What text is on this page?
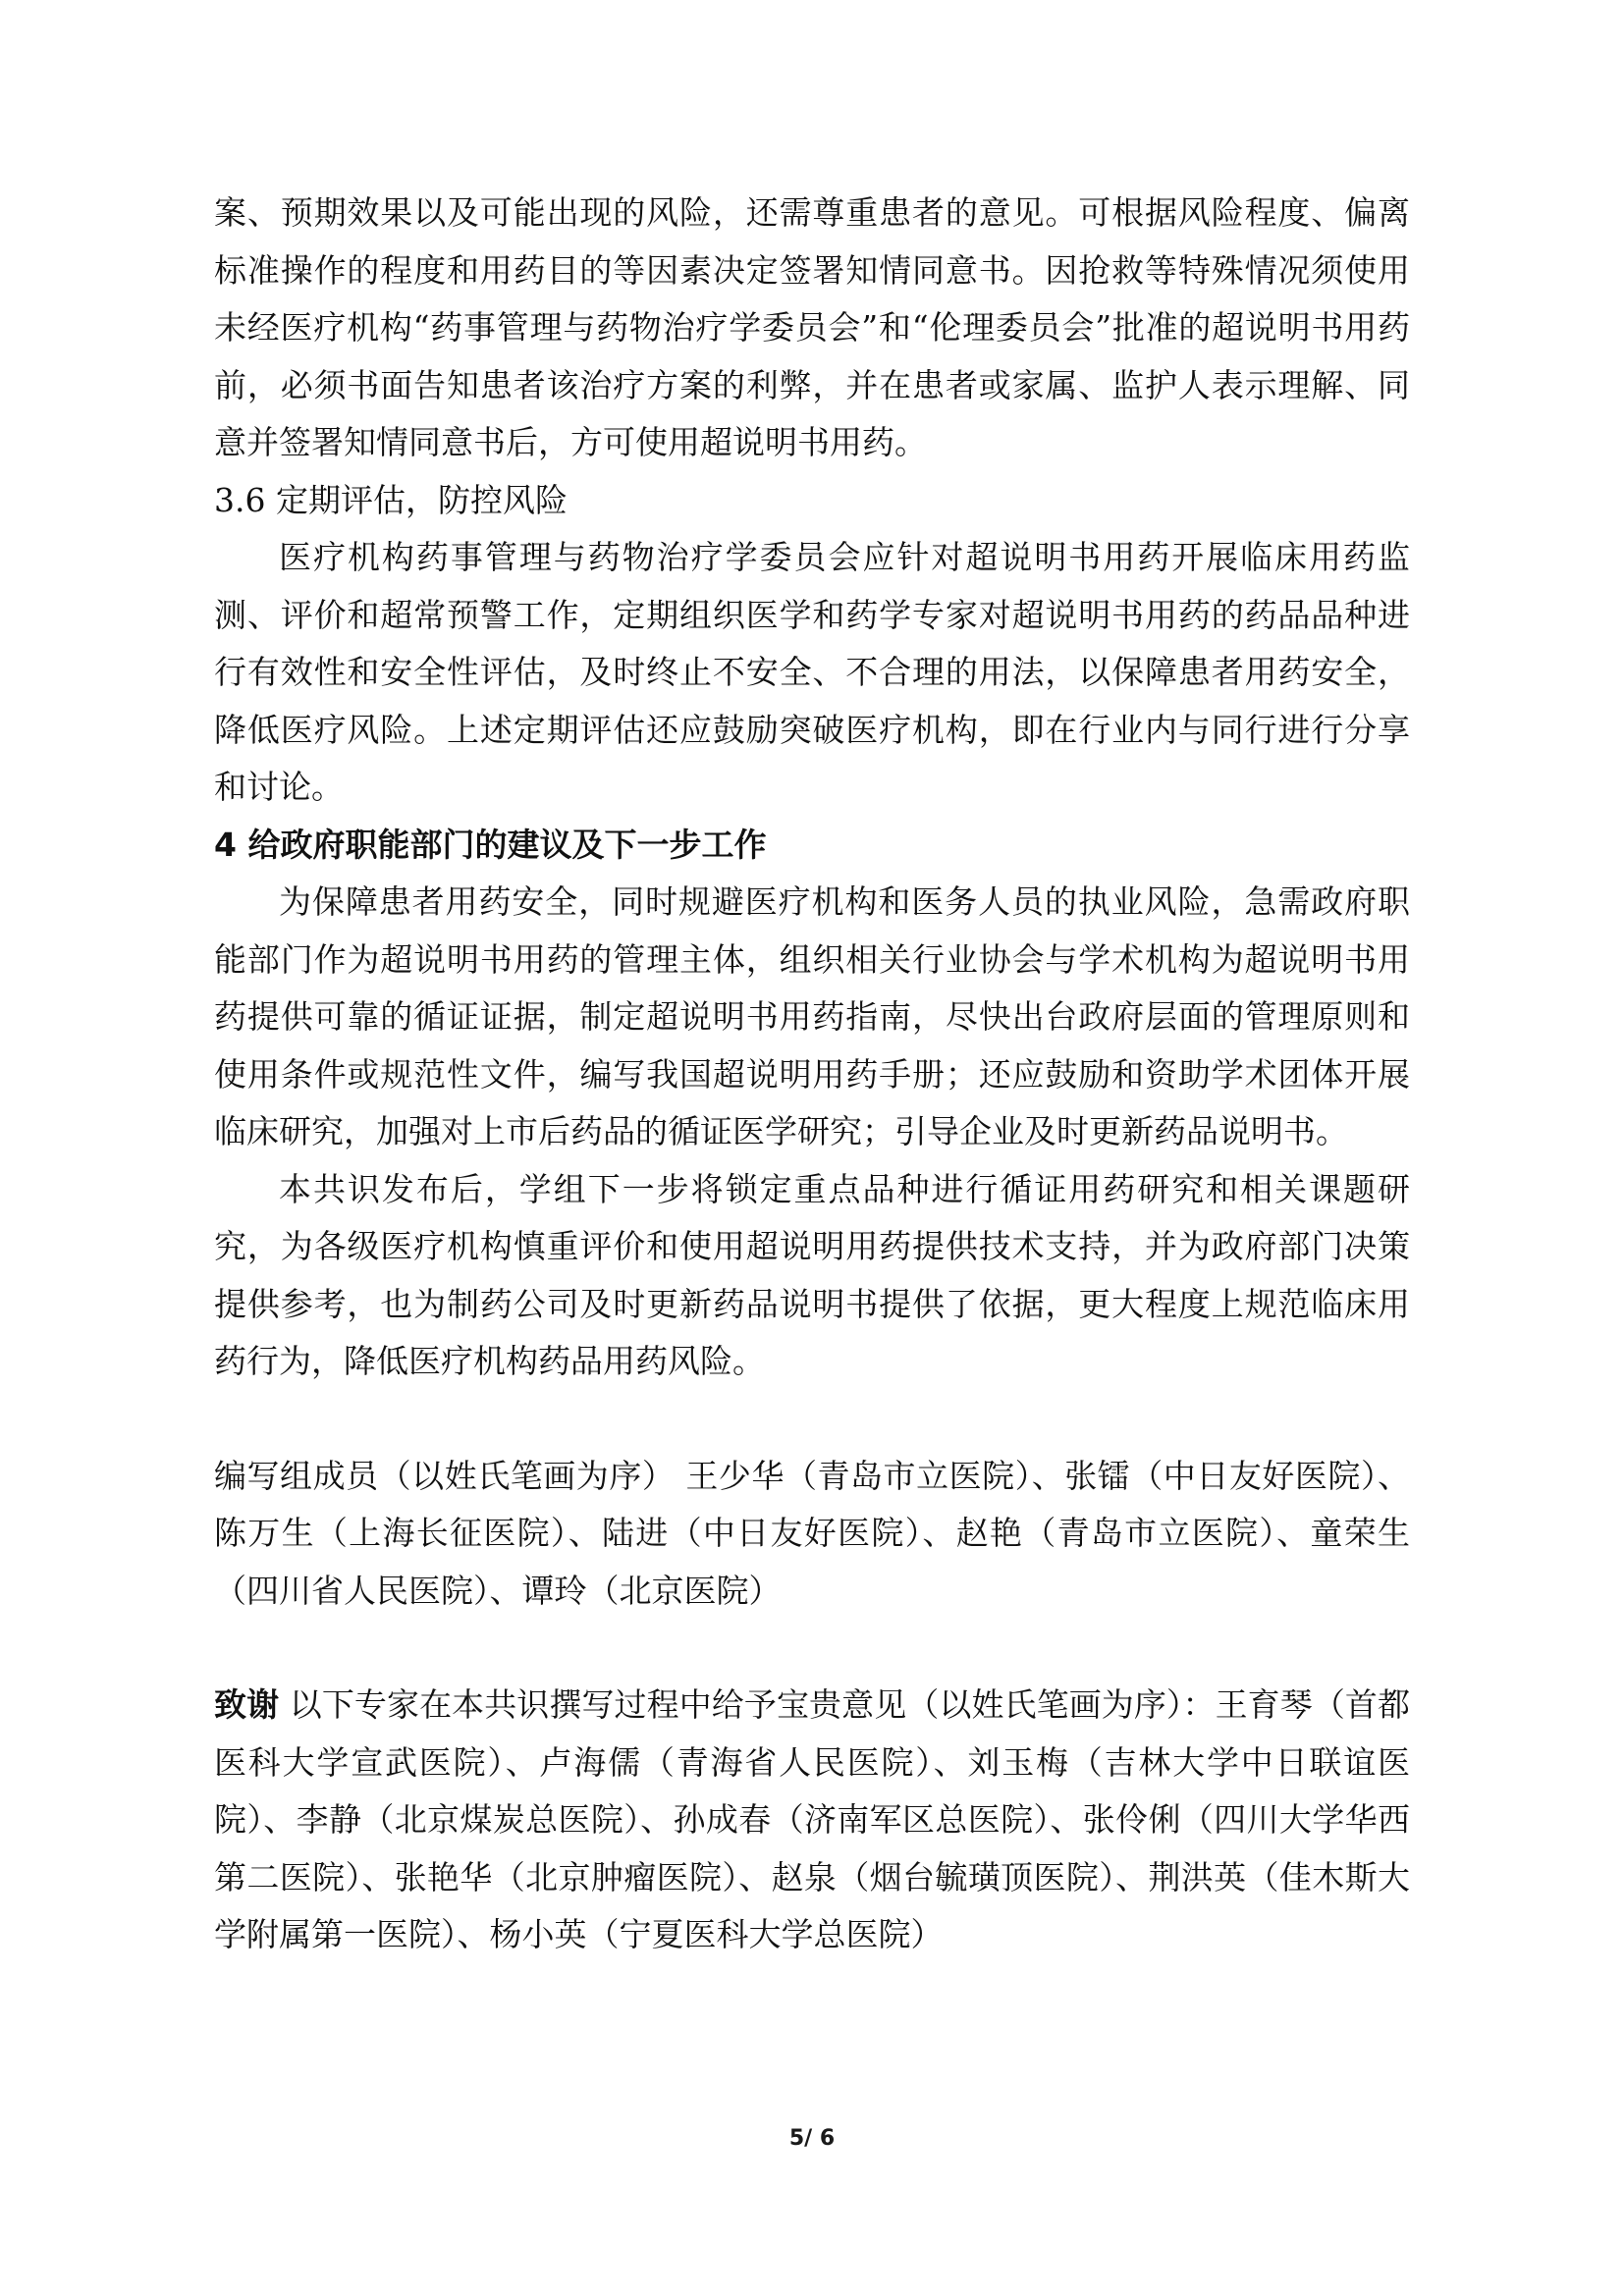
案、预期效果以及可能出现的风险，还需尊重患者的意见。可根据风险程度、偏离标准操作的程度和用药目的等因素决定签署知情同意书。因抢救等特殊情况须使用未经医疗机构“药事管理与药物治疗学委员会”和“伦理委员会”批准的超说明书用药前，必须书面告知患者该治疗方案的利弊，并在患者或家属、监护人表示理解、同意并签署知情同意书后，方可使用超说明书用药。

3.6 定期评估，防控风险

医疗机构药事管理与药物治疗学委员会应针对超说明书用药开展临床用药监测、评价和超常预警工作，定期组织医学和药学专家对超说明书用药的药品品种进行有效性和安全性评估，及时终止不安全、不合理的用法，以保障患者用药安全，降低医疗风险。上述定期评估还应鼓励突破医疗机构，即在行业内与同行进行分享和讨论。

4 给政府职能部门的建议及下一步工作

为保障患者用药安全，同时规避医疗机构和医务人员的执业风险，急需政府职能部门作为超说明书用药的管理主体，组织相关行业协会与学术机构为超说明书用药提供可靠的循证证据，制定超说明书用药指南，尽快出台政府层面的管理原则和使用条件或规范性文件，编写我国超说明用药手册；还应鼓励和资助学术团体开展临床研究，加强对上市后药品的循证医学研究；引导企业及时更新药品说明书。

本共识发布后，学组下一步将锁定重点品种进行循证用药研究和相关课题研究，为各级医疗机构慎重评价和使用超说明用药提供技术支持，并为政府部门决策提供参考，也为制药公司及时更新药品说明书提供了依据，更大程度上规范临床用药行为，降低医疗机构药品用药风险。

编写组成员（以姓氏笔画为序） 王少华（青岛市立医院）、张镭（中日友好医院）、陈万生（上海长征医院）、陆进（中日友好医院）、赵艳（青岛市立医院）、童荣生（四川省人民医院）、谭玲（北京医院）

致谢 以下专家在本共识撰写过程中给予宝贵意见（以姓氏笔画为序）：王育琴（首都医科大学宣武医院）、卢海儒（青海省人民医院）、刘玉梅（吉林大学中日联谊医院）、李静（北京煤炭总医院）、孙成春（济南军区总医院）、张伶俐（四川大学华西第二医院）、张艳华（北京肿瘤医院）、赵泉（烟台毓璜顶医院）、荆洪英（佳木斯大学附属第一医院）、杨小英（宁夏医科大学总医院）

5/ 6
